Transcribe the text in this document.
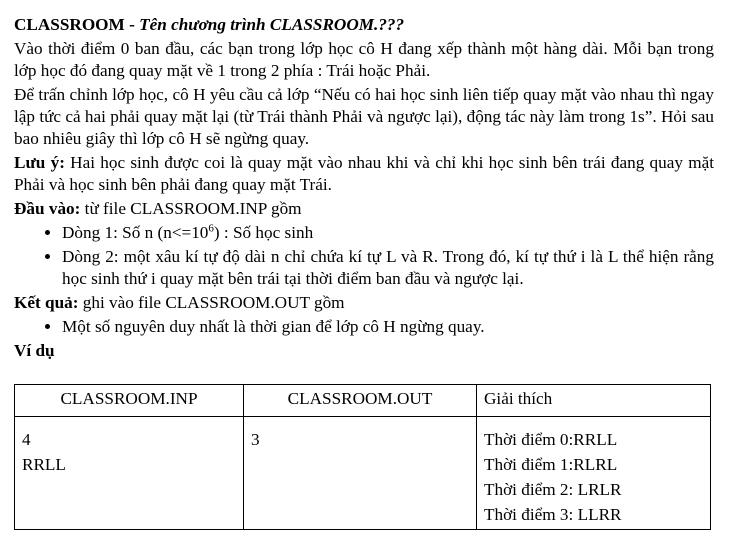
CLASSROOM - Tên chương trình CLASSROOM.???

Vào thời điểm 0 ban đầu, các bạn trong lớp học cô H đang xếp thành một hàng dài. Mỗi bạn trong lớp học đó đang quay mặt về 1 trong 2 phía : Trái hoặc Phải.

Để trấn chỉnh lớp học, cô H yêu cầu cả lớp “Nếu có hai học sinh liên tiếp quay mặt vào nhau thì ngay lập tức cả hai phải quay mặt lại (từ Trái thành Phải và ngược lại), động tác này làm trong 1s”. Hỏi sau bao nhiêu giây thì lớp cô H sẽ ngừng quay.

Lưu ý: Hai học sinh được coi là quay mặt vào nhau khi và chỉ khi học sinh bên trái đang quay mặt Phải và học sinh bên phải đang quay mặt Trái.

Đầu vào: từ file CLASSROOM.INP gồm

• Dòng 1: Số n $(n<=10^6)$ : Số học sinh
• Dòng 2: một xâu kí tự độ dài n chỉ chứa kí tự L và R. Trong đó, kí tự thứ i là L thể hiện rằng học sinh thứ i quay mặt bên trái tại thời điểm ban đầu và ngược lại.

Kết quả: ghi vào file CLASSROOM.OUT gồm

• Một số nguyên duy nhất là thời gian để lớp cô H ngừng quay.

Ví dụ

CLASSROOM.INP	CLASSROOM.OUT	Giải thích

4
RRLL	3	Thời điểm 0:RRLL
Thời điểm 1:RLRL
Thời điểm 2: LRLR
Thời điểm 3: LLRR
